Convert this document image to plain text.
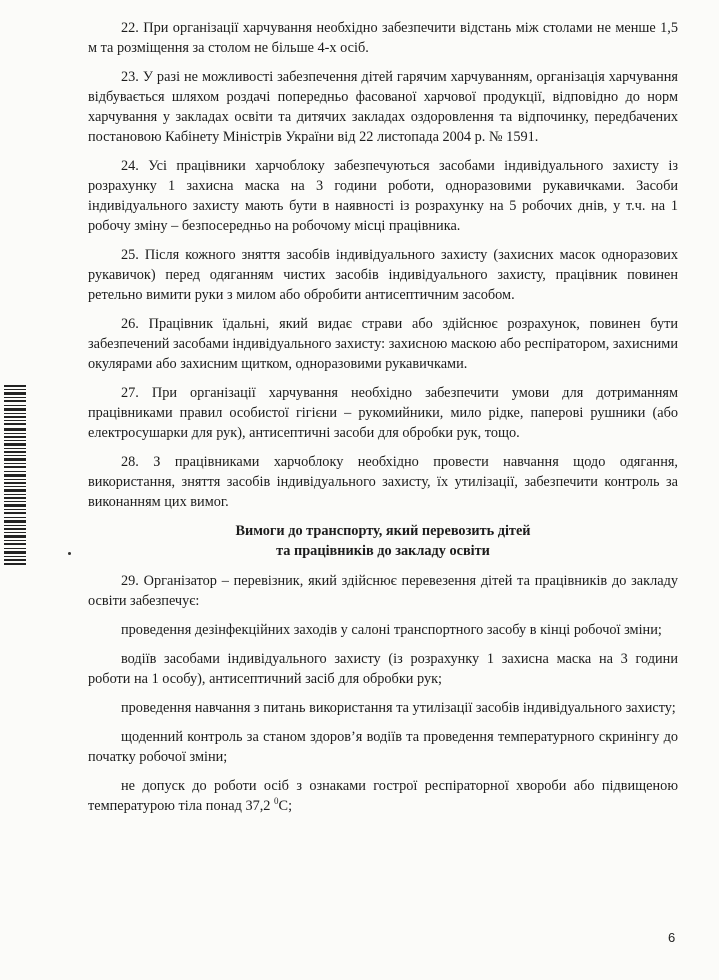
22. При організації харчування необхідно забезпечити відстань між столами не менше 1,5 м та розміщення за столом не більше 4-х осіб.

23. У разі не можливості забезпечення дітей гарячим харчуванням, організація харчування відбувається шляхом роздачі попередньо фасованої харчової продукції, відповідно до норм харчування у закладах освіти та дитячих закладах оздоровлення та відпочинку, передбачених постановою Кабінету Міністрів України від 22 листопада 2004 р. № 1591.

24. Усі працівники харчоблоку забезпечуються засобами індивідуального захисту із розрахунку 1 захисна маска на 3 години роботи, одноразовими рукавичками. Засоби індивідуального захисту мають бути в наявності із розрахунку на 5 робочих днів, у т.ч. на 1 робочу зміну – безпосередньо на робочому місці працівника.

25. Після кожного зняття засобів індивідуального захисту (захисних масок одноразових рукавичок) перед одяганням чистих засобів індивідуального захисту, працівник повинен ретельно вимити руки з милом або обробити антисептичним засобом.

26. Працівник їдальні, який видає страви або здійснює розрахунок, повинен бути забезпечений засобами індивідуального захисту: захисною маскою або респіратором, захисними окулярами або захисним щитком, одноразовими рукавичками.

27. При організації харчування необхідно забезпечити умови для дотриманням працівниками правил особистої гігієни – рукомийники, мило рідке, паперові рушники (або електросушарки для рук), антисептичні засоби для обробки рук, тощо.

28. З працівниками харчоблоку необхідно провести навчання щодо одягання, використання, зняття засобів індивідуального захисту, їх утилізації, забезпечити контроль за виконанням цих вимог.

Вимоги до транспорту, який перевозить дітей
та працівників до закладу освіти

29. Організатор – перевізник, який здійснює перевезення дітей та працівників до закладу освіти забезпечує:

проведення дезінфекційних заходів у салоні транспортного засобу в кінці робочої зміни;

водіїв засобами індивідуального захисту (із розрахунку 1 захисна маска на 3 години роботи на 1 особу), антисептичний засіб для обробки рук;

проведення навчання з питань використання та утилізації засобів індивідуального захисту;

щоденний контроль за станом здоров’я водіїв та проведення температурного скринінгу до початку робочої зміни;

не допуск до роботи осіб з ознаками гострої респіраторної хвороби або підвищеною температурою тіла понад 37,2 $^0$С;

6
